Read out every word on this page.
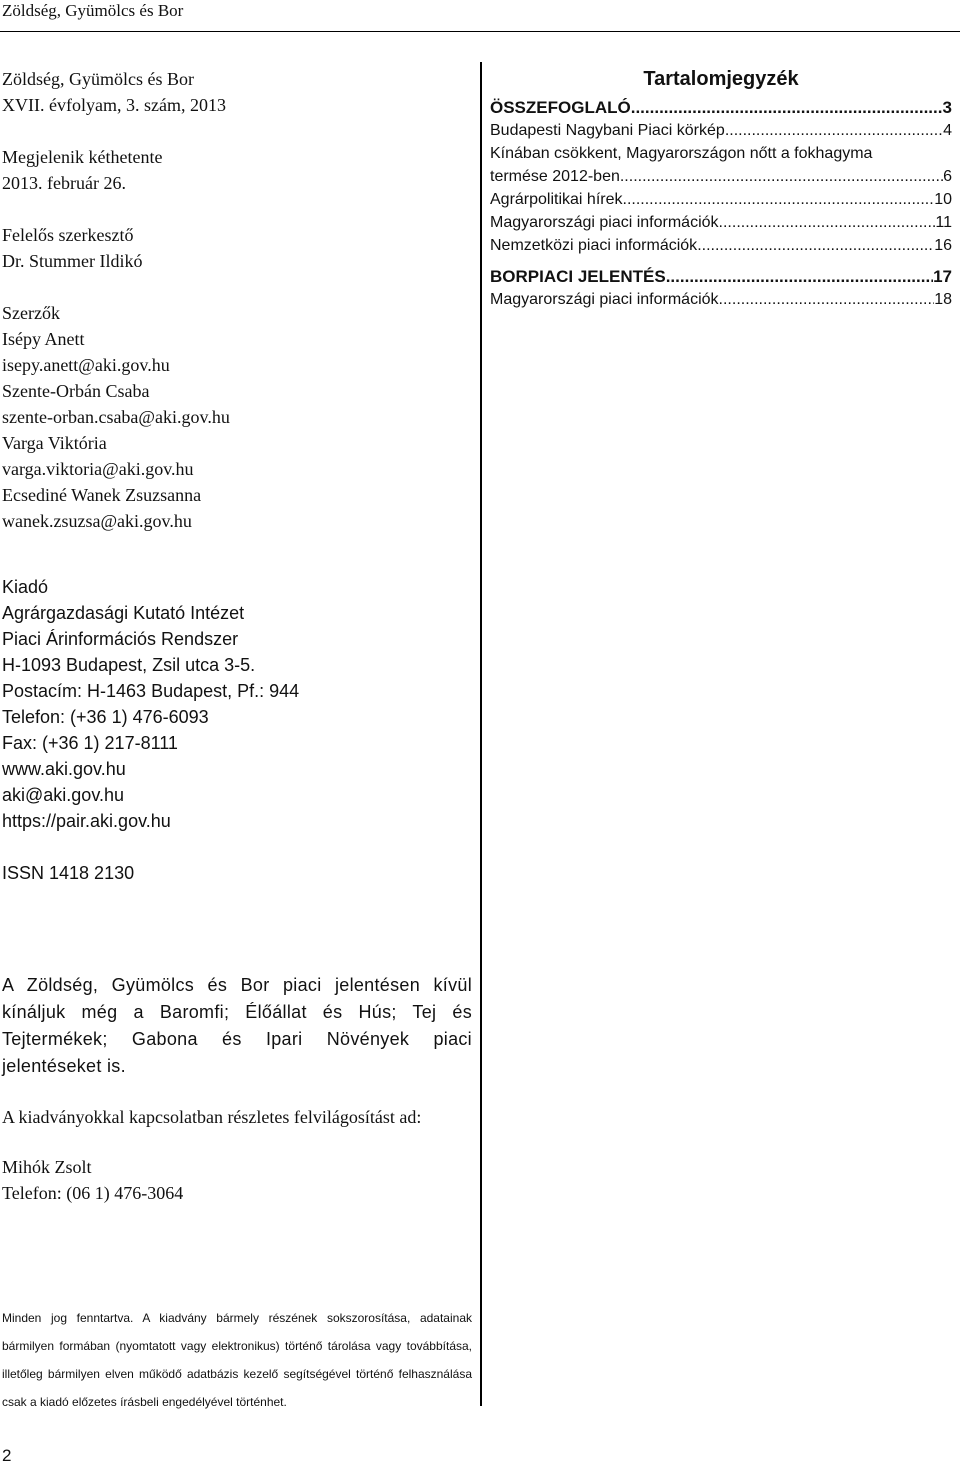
Zöldség, Gyümölcs és Bor

Zöldség, Gyümölcs és Bor

XVII. évfolyam, 3. szám, 2013

Megjelenik kéthetente

2013. február 26.

Felelős szerkesztő

Dr. Stummer Ildikó

Szerzők

Isépy Anett

isepy.anett@aki.gov.hu

Szente-Orbán Csaba

szente-orban.csaba@aki.gov.hu

Varga Viktória

varga.viktoria@aki.gov.hu

Ecsediné Wanek Zsuzsanna

wanek.zsuzsa@aki.gov.hu

Kiadó

Agrárgazdasági Kutató Intézet

Piaci Árinformációs Rendszer

H-1093 Budapest, Zsil utca 3-5.

Postacím: H-1463 Budapest, Pf.: 944

Telefon: (+36 1) 476-6093

Fax: (+36 1) 217-8111

www.aki.gov.hu

aki@aki.gov.hu

https://pair.aki.gov.hu

ISSN 1418 2130

A Zöldség, Gyümölcs és Bor piaci jelentésen kívül kínáljuk még a Baromfi; Élőállat és Hús; Tej és Tejtermékek; Gabona és Ipari Növények piaci jelentéseket is.

A kiadványokkal kapcsolatban részletes felvilágosítást ad:

Mihók Zsolt

Telefon: (06 1) 476-3064

Minden jog fenntartva. A kiadvány bármely részének sokszorosítása, adatainak bármilyen formában (nyomtatott vagy elektronikus) történő tárolása vagy továbbítása, illetőleg bármilyen elven működő adatbázis kezelő segítségével történő felhasználása csak a kiadó előzetes írásbeli engedélyével történhet.

Tartalomjegyzék

ÖSSZEFOGLALÓ .....	3
Budapesti Nagybani Piaci körkép .....	4
Kínában csökkent, Magyarországon nőtt a fokhagyma
termése 2012-ben .....	6
Agrárpolitikai hírek .....	10
Magyarországi piaci információk .....	11
Nemzetközi piaci információk .....	16
BORPIACI JELENTÉS .....	17
Magyarországi piaci információk .....	18
2
